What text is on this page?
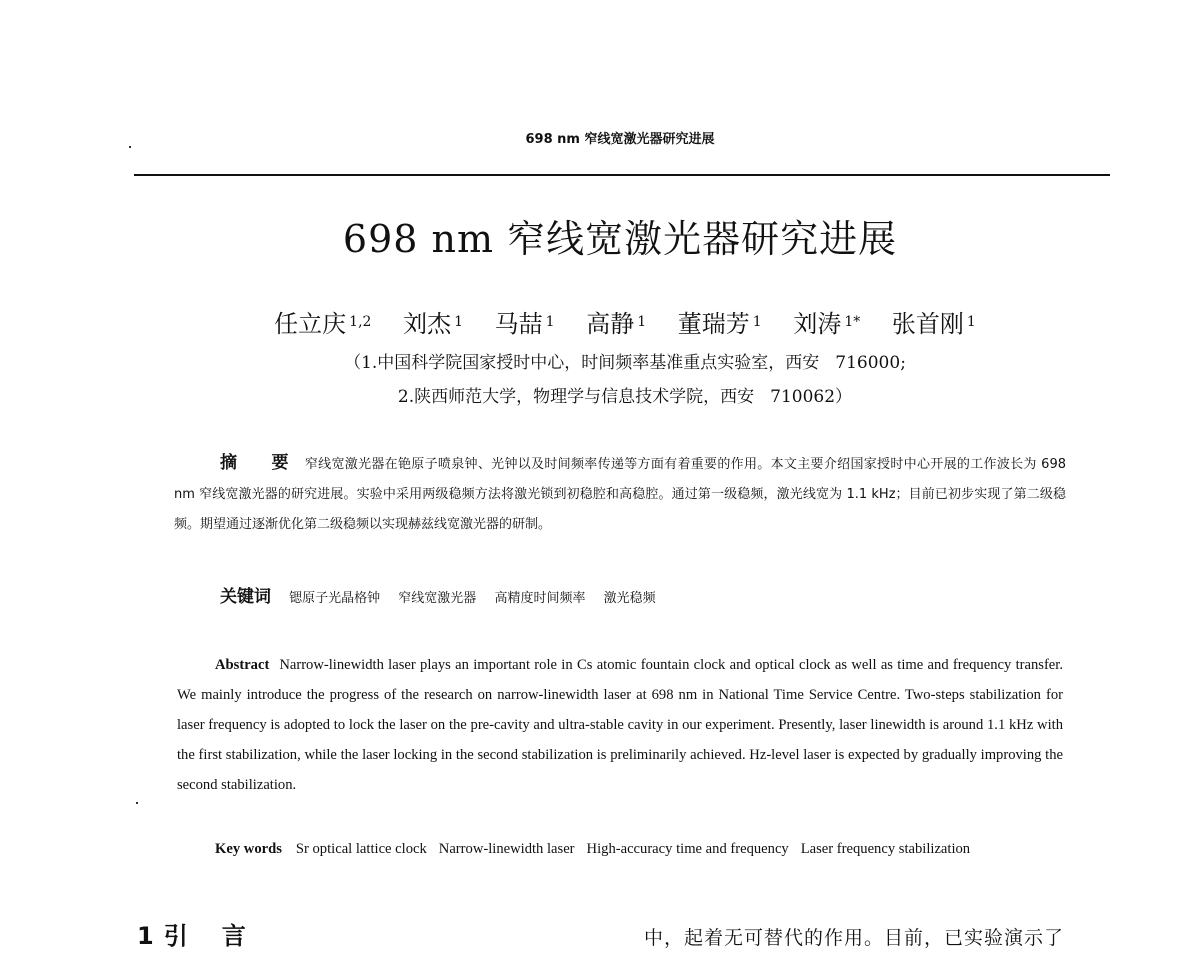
698 nm 窄线宽激光器研究进展
698 nm 窄线宽激光器研究进展
任立庆 $^{1,2}$ 刘杰 $^1$ 马喆 $^1$ 高静 $^1$ 董瑞芳 $^1$ 刘涛 $^{1*}$ 张首刚 $^1$
（1.中国科学院国家授时中心，时间频率基准重点实验室，西安 716000;
2.陕西师范大学，物理学与信息技术学院，西安 710062）
摘 要 窄线宽激光器在铯原子喷泉钟、光钟以及时间频率传递等方面有着重要的作用。本文主要介绍国家授时中心开展的工作波长为 698 nm 窄线宽激光器的研究进展。实验中采用两级稳频方法将激光锁到初稳腔和高稳腔。通过第一级稳频，激光线宽为 1.1 kHz；目前已初步实现了第二级稳频。期望通过逐渐优化第二级稳频以实现赫兹线宽激光器的研制。
关键词 锶原子光晶格钟 窄线宽激光器 高精度时间频率 激光稳频
Abstract Narrow-linewidth laser plays an important role in Cs atomic fountain clock and optical clock as well as time and frequency transfer. We mainly introduce the progress of the research on narrow-linewidth laser at 698 nm in National Time Service Centre. Two-steps stabilization for laser frequency is adopted to lock the laser on the pre-cavity and ultra-stable cavity in our experiment. Presently, laser linewidth is around 1.1 kHz with the first stabilization, while the laser locking in the second stabilization is preliminarily achieved. Hz-level laser is expected by gradually improving the second stabilization.
Key words Sr optical lattice clock Narrow-linewidth laser High-accuracy time and frequency Laser frequency stabilization
1 引言	中，起着无可替代的作用。目前，已实验演示了
